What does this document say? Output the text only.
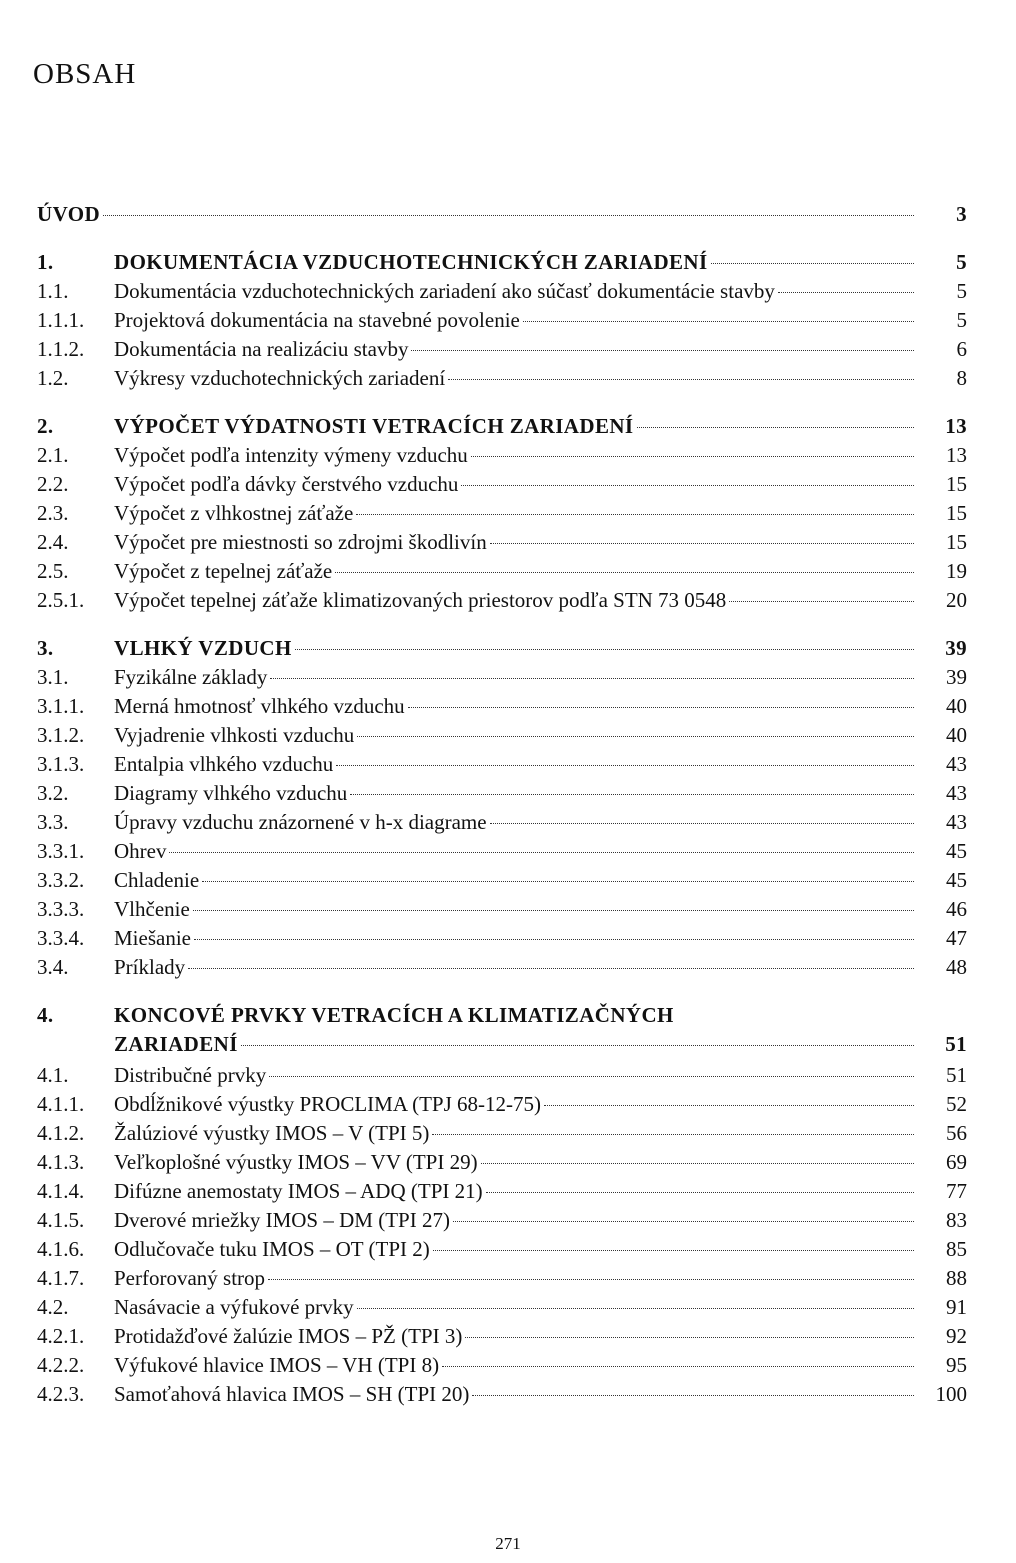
OBSAH
ÚVOD	3
1.	DOKUMENTÁCIA VZDUCHOTECHNICKÝCH ZARIADENÍ	5
1.1. Dokumentácia vzduchotechnických zariadení ako súčasť dokumentácie stavby	5
1.1.1. Projektová dokumentácia na stavebné povolenie	5
1.1.2. Dokumentácia na realizáciu stavby	6
1.2. Výkresy vzduchotechnických zariadení	8
2.	VÝPOČET VÝDATNOSTI VETRACÍCH ZARIADENÍ	13
2.1. Výpočet podľa intenzity výmeny vzduchu	13
2.2. Výpočet podľa dávky čerstvého vzduchu	15
2.3. Výpočet z vlhkostnej záťaže	15
2.4. Výpočet pre miestnosti so zdrojmi škodlivín	15
2.5. Výpočet z tepelnej záťaže	19
2.5.1. Výpočet tepelnej záťaže klimatizovaných priestorov podľa STN 73 0548	20
3.	VLHKÝ VZDUCH	39
3.1. Fyzikálne základy	39
3.1.1. Merná hmotnosť vlhkého vzduchu	40
3.1.2. Vyjadrenie vlhkosti vzduchu	40
3.1.3. Entalpia vlhkého vzduchu	43
3.2. Diagramy vlhkého vzduchu	43
3.3. Úpravy vzduchu znázornené v h-x diagrame	43
3.3.1. Ohrev	45
3.3.2. Chladenie	45
3.3.3. Vlhčenie	46
3.3.4. Miešanie	47
3.4. Príklady	48
4.	KONCOVÉ PRVKY VETRACÍCH A KLIMATIZAČNÝCH
ZARIADENÍ	51
4.1. Distribučné prvky	51
4.1.1. Obdĺžnikové výustky PROCLIMA (TPJ 68-12-75)	52
4.1.2. Žalúziové výustky IMOS – V (TPI 5)	56
4.1.3. Veľkoplošné výustky IMOS – VV (TPI 29)	69
4.1.4. Difúzne anemostaty IMOS – ADQ (TPI 21)	77
4.1.5. Dverové mriežky IMOS – DM (TPI 27)	83
4.1.6. Odlučovače tuku IMOS – OT (TPI 2)	85
4.1.7. Perforovaný strop	88
4.2. Nasávacie a výfukové prvky	91
4.2.1. Protidažďové žalúzie IMOS – PŽ (TPI 3)	92
4.2.2. Výfukové hlavice IMOS – VH (TPI 8)	95
4.2.3. Samoťahová hlavica IMOS – SH (TPI 20)	100
271
